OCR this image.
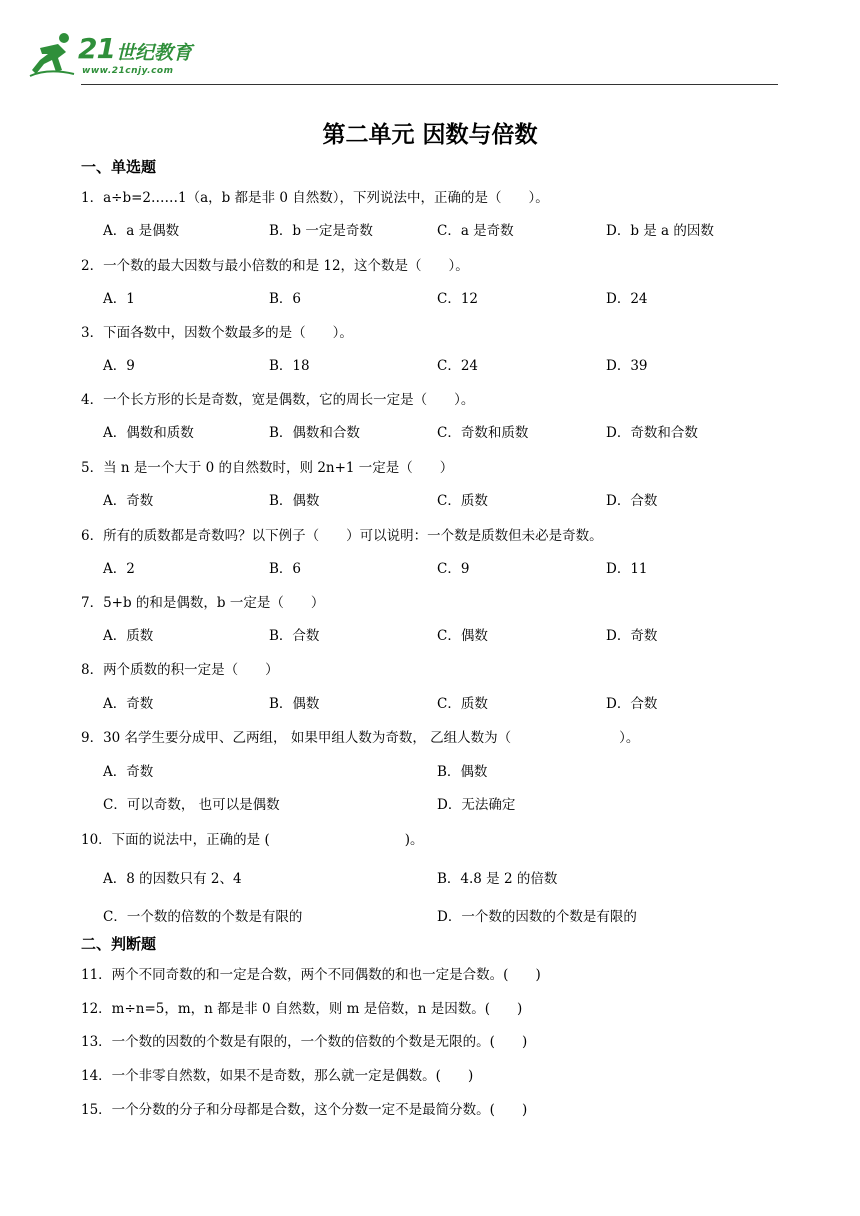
21 世纪教育
www.21cnjy.com
第二单元 因数与倍数
一、单选题
1．a÷b=2……1（a，b 都是非 0 自然数），下列说法中，正确的是（　　）。
A．a 是偶数	B．b 一定是奇数	C．a 是奇数	D．b 是 a 的因数
2．一个数的最大因数与最小倍数的和是 12，这个数是（　　）。
A．1	B．6	C．12	D．24
3．下面各数中，因数个数最多的是（　　）。
A．9	B．18	C．24	D．39
4．一个长方形的长是奇数，宽是偶数，它的周长一定是（　　）。
A．偶数和质数	B．偶数和合数	C．奇数和质数	D．奇数和合数
5．当 n 是一个大于 0 的自然数时，则 2n+1 一定是（　　）
A．奇数	B．偶数	C．质数	D．合数
6．所有的质数都是奇数吗？以下例子（　　）可以说明：一个数是质数但未必是奇数。
A．2	B．6	C．9	D．11
7．5+b 的和是偶数，b 一定是（　　）
A．质数	B．合数	C．偶数	D．奇数
8．两个质数的积一定是（　　）
A．奇数	B．偶数	C．质数	D．合数
9．30 名学生要分成甲、乙两组， 如果甲组人数为奇数， 乙组人数为（　　　　　　　　）。
A．奇数	B．偶数
C．可以奇数， 也可以是偶数	D．无法确定
10．下面的说法中，正确的是 (　　　　　　　　　　)。
A．8 的因数只有 2、4	B．4.8 是 2 的倍数
C．一个数的倍数的个数是有限的	D．一个数的因数的个数是有限的
二、判断题
11．两个不同奇数的和一定是合数，两个不同偶数的和也一定是合数。(　　)
12．m÷n=5，m，n 都是非 0 自然数，则 m 是倍数，n 是因数。(　　)
13．一个数的因数的个数是有限的，一个数的倍数的个数是无限的。(　　)
14．一个非零自然数，如果不是奇数，那么就一定是偶数。(　　)
15．一个分数的分子和分母都是合数，这个分数一定不是最简分数。(　　)
